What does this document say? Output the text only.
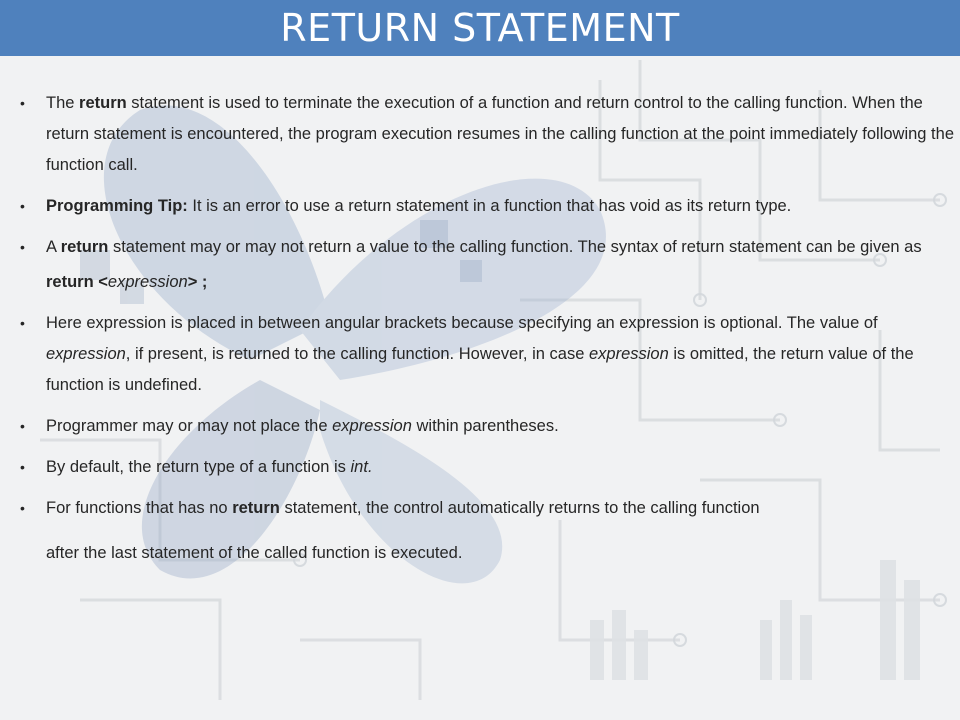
RETURN STATEMENT
•	The return statement is used to terminate the execution of a function and return control to the calling function. When the return statement is encountered, the program execution resumes in the calling function at the point immediately following the function call.
•	Programming Tip: It is an error to use a return statement in a function that has void as its return type.
•	A return statement may or may not return a value to the calling function. The syntax of return statement can be given as
return <expression> ;
•	Here expression is placed in between angular brackets because specifying an expression is optional. The value of expression, if present, is returned to the calling function. However, in case expression is omitted, the return value of the function is undefined.
•	Programmer may or may not place the expression within parentheses.
•	By default, the return type of a function is int.
•	For functions that has no return statement, the control automatically returns to the calling function
after the last statement of the called function is executed.
